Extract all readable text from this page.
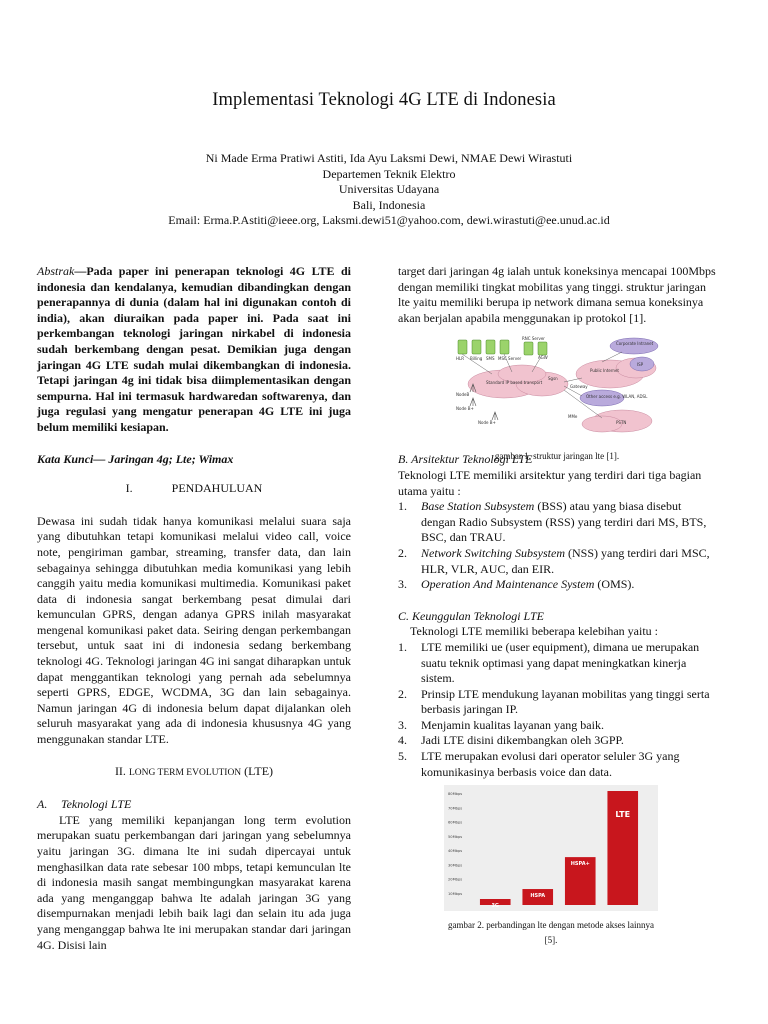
Implementasi Teknologi 4G LTE di Indonesia
Ni Made Erma Pratiwi Astiti, Ida Ayu Laksmi Dewi, NMAE Dewi Wirastuti
Departemen Teknik Elektro
Universitas Udayana
Bali, Indonesia
Email: Erma.P.Astiti@ieee.org, Laksmi.dewi51@yahoo.com, dewi.wirastuti@ee.unud.ac.id

Abstrak—Pada paper ini penerapan teknologi 4G LTE di indonesia dan kendalanya, kemudian dibandingkan dengan penerapannya di dunia (dalam hal ini digunakan contoh di india), akan diuraikan pada paper ini. Pada saat ini perkembangan teknologi jaringan nirkabel di indonesia sudah berkembang dengan pesat. Demikian juga dengan jaringan 4G LTE sudah mulai dikembangkan di indonesia. Tetapi jaringan 4g ini tidak bisa diimplementasikan dengan sempurna. Hal ini termasuk hardwaredan softwarenya, dan juga regulasi yang mengatur penerapan 4G LTE ini juga belum memiliki kesiapan.

Kata Kunci— Jaringan 4g; Lte; Wimax

I.	PENDAHULUAN

Dewasa ini sudah tidak hanya komunikasi melalui suara saja yang dibutuhkan tetapi komunikasi melalui video call, voice note, pengiriman gambar, streaming, transfer data, dan lain sebagainya sehingga dibutuhkan media komunikasi yang lebih canggih yaitu media komunikasi multimedia. Komunikasi paket data di indonesia sangat berkembang pesat dimulai dari kemunculan GPRS, dengan adanya GPRS inilah masyarakat mengenal komunikasi paket data. Seiring dengan perkembangan tersebut, untuk saat ini di indonesia sedang berkembang teknologi 4G. Teknologi jaringan 4G ini sangat diharapkan untuk dapat menggantikan teknologi yang pernah ada sebelumnya seperti GPRS, EDGE, WCDMA, 3G dan lain sebagainya. Namun jaringan 4G di indonesia belum dapat dijalankan oleh seluruh masyarakat yang ada di indonesia khususnya 4G yang menggunakan standar LTE.

II. LONG TERM EVOLUTION (LTE)

A. Teknologi LTE

LTE yang memiliki kepanjangan long term evolution merupakan suatu perkembangan dari jaringan yang sebelumnya yaitu jaringan 3G. dimana lte ini sudah dipercayai untuk menghasilkan data rate sebesar 100 mbps, tetapi kemunculan lte di indonesia masih sangat membingungkan masyarakat karena ada yang menganggap bahwa lte adalah jaringan 3G yang disempurnakan menjadi lebih baik lagi dan selain itu ada juga yang menganggap bahwa lte ini merupakan standar dari jaringan 4G. Disisi lain

target dari jaringan 4g ialah untuk koneksinya mencapai 100Mbps dengan memiliki tingkat mobilitas yang tinggi. struktur jaringan lte yaitu memiliki berupa ip network dimana semua koneksinya akan berjalan apabila menggunakan ip protokol [1].

HLR Billing SMS MSC Server
RNC Server
AGW
Corporate Intranet
Public Internet
ISP
Standard IP based transport
Sgsn
Gateway
Other access e.g. WLAN, ADSL
PSTN
MMe
NodeB
Node B+
Node B+
gambar 1. struktur jaringan lte [1].

B. Arsitektur Teknologi LTE

Teknologi LTE memiliki arsitektur yang terdiri dari tiga bagian utama yaitu :

1. Base Station Subsystem (BSS) atau yang biasa disebut dengan Radio Subsystem (RSS) yang terdiri dari MS, BTS, BSC, dan TRAU.
2. Network Switching Subsystem (NSS) yang terdiri dari MSC, HLR, VLR, AUC, dan EIR.
3. Operation And Maintenance System (OMS).

C. Keunggulan Teknologi LTE

Teknologi LTE memiliki beberapa kelebihan yaitu :

1. LTE memiliki ue (user equipment), dimana ue merupakan suatu teknik optimasi yang dapat meningkatkan kinerja sistem.
2. Prinsip LTE mendukung layanan mobilitas yang tinggi serta berbasis jaringan IP.
3. Menjamin kualitas layanan yang baik.
4. Jadi LTE disini dikembangkan oleh 3GPP.
5. LTE merupakan evolusi dari operator seluler 3G yang komunikasinya berbasis voice dan data.
80Mbps
70Mbps
60Mbps
50Mbps
40Mbps
30Mbps
20Mbps
10Mbps
3G
HSPA
HSPA+
LTE
gambar 2. perbandingan lte dengan metode akses lainnya [5].
